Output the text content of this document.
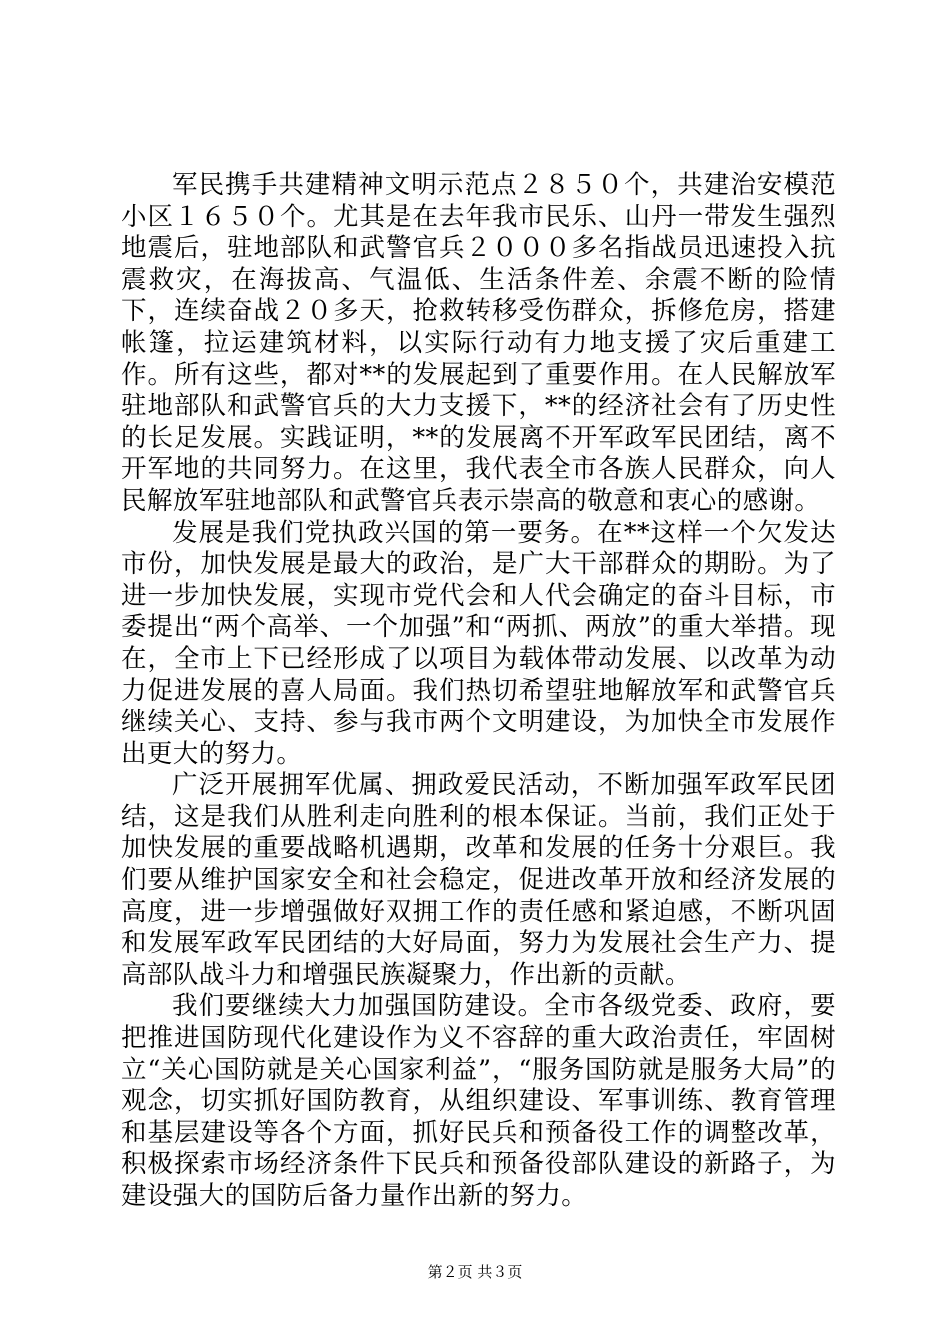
军民携手共建精神文明示范点２８５０个，共建治安模范小区１６５０个。尤其是在去年我市民乐、山丹一带发生强烈地震后，驻地部队和武警官兵２０００多名指战员迅速投入抗震救灾，在海拔高、气温低、生活条件差、余震不断的险情下，连续奋战２０多天，抢救转移受伤群众，拆修危房，搭建帐篷，拉运建筑材料，以实际行动有力地支援了灾后重建工作。所有这些，都对**的发展起到了重要作用。在人民解放军驻地部队和武警官兵的大力支援下，**的经济社会有了历史性的长足发展。实践证明，**的发展离不开军政军民团结，离不开军地的共同努力。在这里，我代表全市各族人民群众，向人民解放军驻地部队和武警官兵表示崇高的敬意和衷心的感谢。

发展是我们党执政兴国的第一要务。在**这样一个欠发达市份，加快发展是最大的政治，是广大干部群众的期盼。为了进一步加快发展，实现市党代会和人代会确定的奋斗目标，市委提出“两个高举、一个加强”和“两抓、两放”的重大举措。现在，全市上下已经形成了以项目为载体带动发展、以改革为动力促进发展的喜人局面。我们热切希望驻地解放军和武警官兵继续关心、支持、参与我市两个文明建设，为加快全市发展作出更大的努力。

广泛开展拥军优属、拥政爱民活动，不断加强军政军民团结，这是我们从胜利走向胜利的根本保证。当前，我们正处于加快发展的重要战略机遇期，改革和发展的任务十分艰巨。我们要从维护国家安全和社会稳定，促进改革开放和经济发展的高度，进一步增强做好双拥工作的责任感和紧迫感，不断巩固和发展军政军民团结的大好局面，努力为发展社会生产力、提高部队战斗力和增强民族凝聚力，作出新的贡献。

我们要继续大力加强国防建设。全市各级党委、政府，要把推进国防现代化建设作为义不容辞的重大政治责任，牢固树立“关心国防就是关心国家利益”，“服务国防就是服务大局”的观念，切实抓好国防教育，从组织建设、军事训练、教育管理和基层建设等各个方面，抓好民兵和预备役工作的调整改革，积极探索市场经济条件下民兵和预备役部队建设的新路子，为建设强大的国防后备力量作出新的努力。

第２页 共３页
